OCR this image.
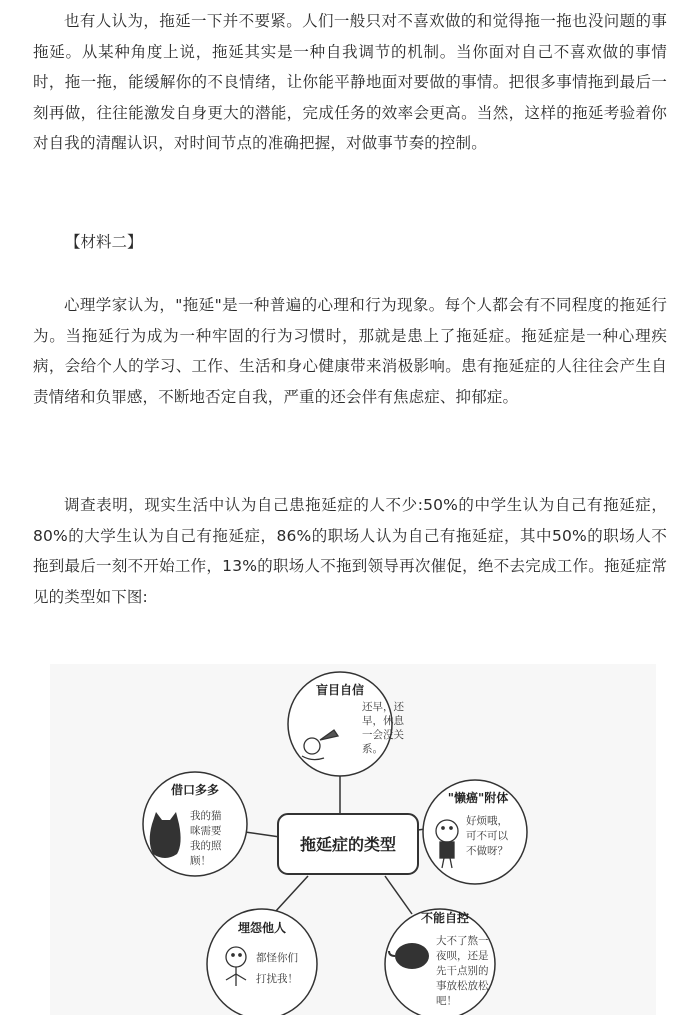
也有人认为，拖延一下并不要紧。人们一般只对不喜欢做的和觉得拖一拖也没问题的事拖延。从某种角度上说，拖延其实是一种自我调节的机制。当你面对自己不喜欢做的事情时，拖一拖，能缓解你的不良情绪，让你能平静地面对要做的事情。把很多事情拖到最后一刻再做，往往能激发自身更大的潜能，完成任务的效率会更高。当然，这样的拖延考验着你对自我的清醒认识，对时间节点的准确把握，对做事节奏的控制。

【材料二】

心理学家认为，"拖延"是一种普遍的心理和行为现象。每个人都会有不同程度的拖延行为。当拖延行为成为一种牢固的行为习惯时，那就是患上了拖延症。拖延症是一种心理疾病，会给个人的学习、工作、生活和身心健康带来消极影响。患有拖延症的人往往会产生自责情绪和负罪感，不断地否定自我，严重的还会伴有焦虑症、抑郁症。

调查表明，现实生活中认为自己患拖延症的人不少:50%的中学生认为自己有拖延症，80%的大学生认为自己有拖延症，86%的职场人认为自己有拖延症，其中50%的职场人不拖到最后一刻不开始工作，13%的职场人不拖到领导再次催促，绝不去完成工作。拖延症常见的类型如下图:

拖延症的类型
盲目自信
还早，还
早，休息
一会没关
系。
"懒癌"附体
好烦哦，
可不可以
不做呀？
借口多多
我的猫
咪需要
我的照
顾！
埋怨他人
都怪你们
打扰我！
不能自控
大不了熬一
夜呗，还是
先干点别的
事放松放松
吧！
